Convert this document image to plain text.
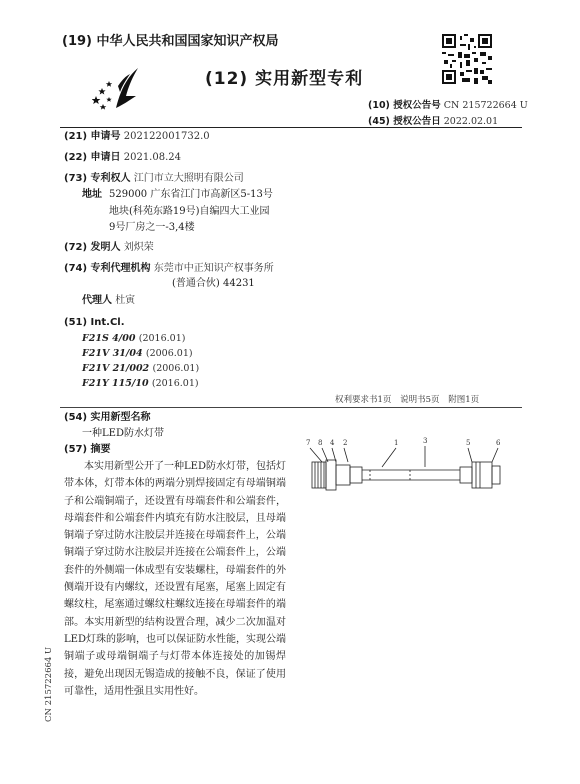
(19) 中华人民共和国国家知识产权局
(12) 实用新型专利
(10) 授权公告号 CN 215722664 U
(45) 授权公告日 2022.02.01
(21) 申请号 202122001732.0
(22) 申请日 2021.08.24
(73) 专利权人 江门市立大照明有限公司
地址 529000 广东省江门市高新区5-13号
地块(科苑东路19号)自编四大工业园
9号厂房之一-3,4楼
(72) 发明人 刘炽荣
(74) 专利代理机构 东莞市中正知识产权事务所
(普通合伙) 44231
代理人 杜寅
(51) Int.Cl.
F21S 4/00 (2016.01)
F21V 31/04 (2006.01)
F21V 21/002 (2006.01)
F21Y 115/10 (2016.01)
权利要求书1页 说明书5页 附图1页
(54) 实用新型名称
一种LED防水灯带
(57) 摘要
本实用新型公开了一种LED防水灯带，包括灯带本体，灯带本体的两端分别焊接固定有母端铜端子和公端铜端子，还设置有母端套件和公端套件，母端套件和公端套件内填充有防水注胶层，且母端铜端子穿过防水注胶层并连接在母端套件上，公端铜端子穿过防水注胶层并连接在公端套件上，公端套件的外侧端一体成型有安装螺柱，母端套件的外侧端开设有内螺纹，还设置有尾塞，尾塞上固定有螺纹柱，尾塞通过螺纹柱螺纹连接在母端套件的端部。本实用新型的结构设置合理，减少二次加温对LED灯珠的影响，也可以保证防水性能，实现公端铜端子或母端铜端子与灯带本体连接处的加锡焊接，避免出现因无锡造成的接触不良，保证了使用可靠性，适用性强且实用性好。
7 8 4 2	1	3	5	6
CN 215722664 U
